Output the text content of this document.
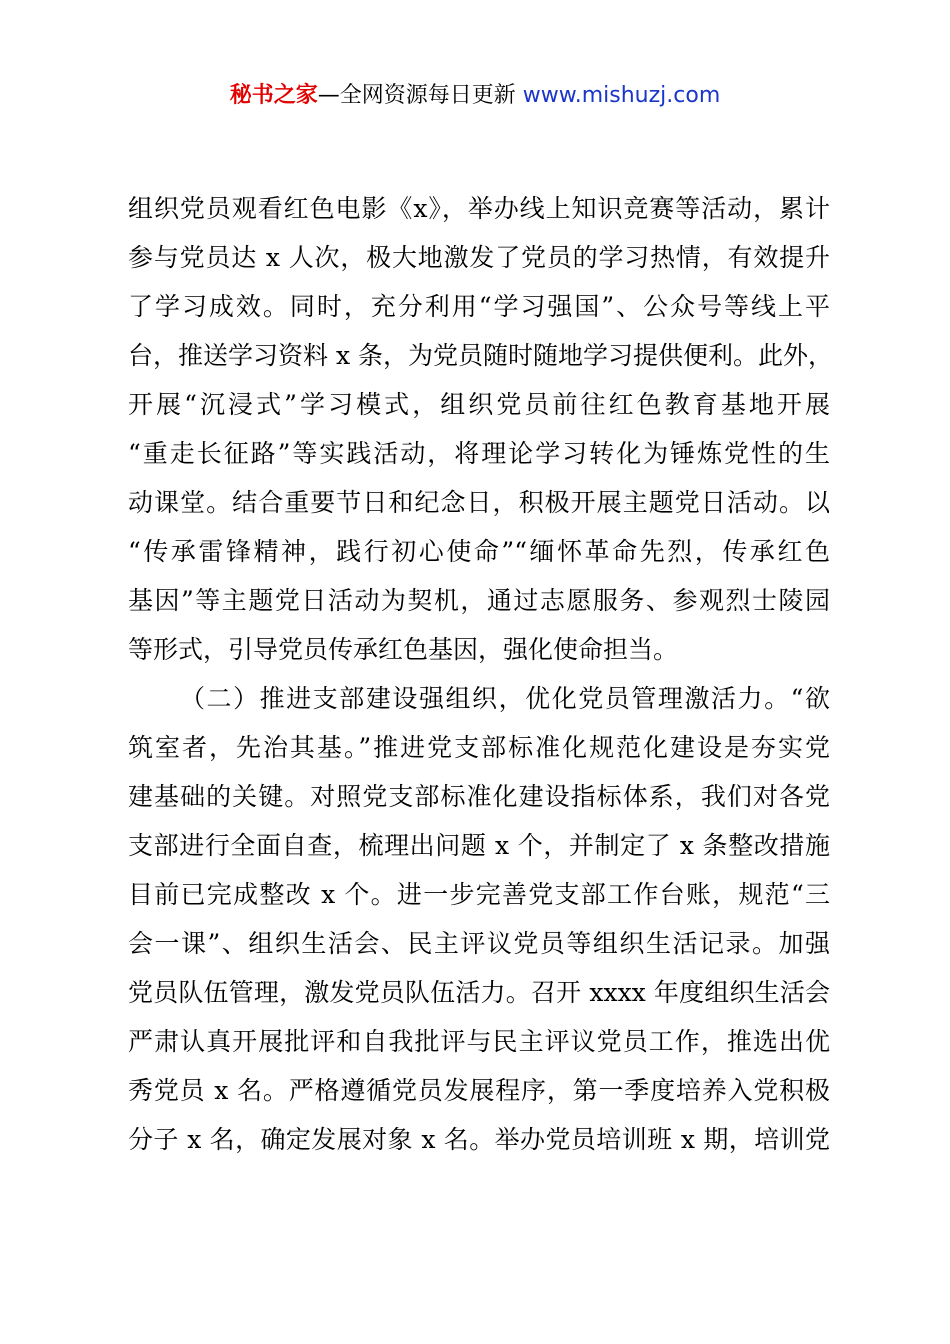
秘书之家—全网资源每日更新 www.mishuzj.com
组织党员观看红色电影《x》，举办线上知识竞赛等活动，累计
参与党员达 x 人次，极大地激发了党员的学习热情，有效提升
了学习成效。同时，充分利用“学习强国”、公众号等线上平
台，推送学习资料 x 条，为党员随时随地学习提供便利。此外，
开展“沉浸式”学习模式，组织党员前往红色教育基地开展
“重走长征路”等实践活动，将理论学习转化为锤炼党性的生
动课堂。结合重要节日和纪念日，积极开展主题党日活动。以
“传承雷锋精神，践行初心使命”“缅怀革命先烈，传承红色
基因”等主题党日活动为契机，通过志愿服务、参观烈士陵园
等形式，引导党员传承红色基因，强化使命担当。
（二）推进支部建设强组织，优化党员管理激活力。“欲
筑室者，先治其基。”推进党支部标准化规范化建设是夯实党
建基础的关键。对照党支部标准化建设指标体系，我们对各党
支部进行全面自查，梳理出问题 x 个，并制定了 x 条整改措施
目前已完成整改 x 个。进一步完善党支部工作台账，规范“三
会一课”、组织生活会、民主评议党员等组织生活记录。加强
党员队伍管理，激发党员队伍活力。召开 xxxx 年度组织生活会
严肃认真开展批评和自我批评与民主评议党员工作，推选出优
秀党员 x 名。严格遵循党员发展程序，第一季度培养入党积极
分子 x 名，确定发展对象 x 名。举办党员培训班 x 期，培训党
